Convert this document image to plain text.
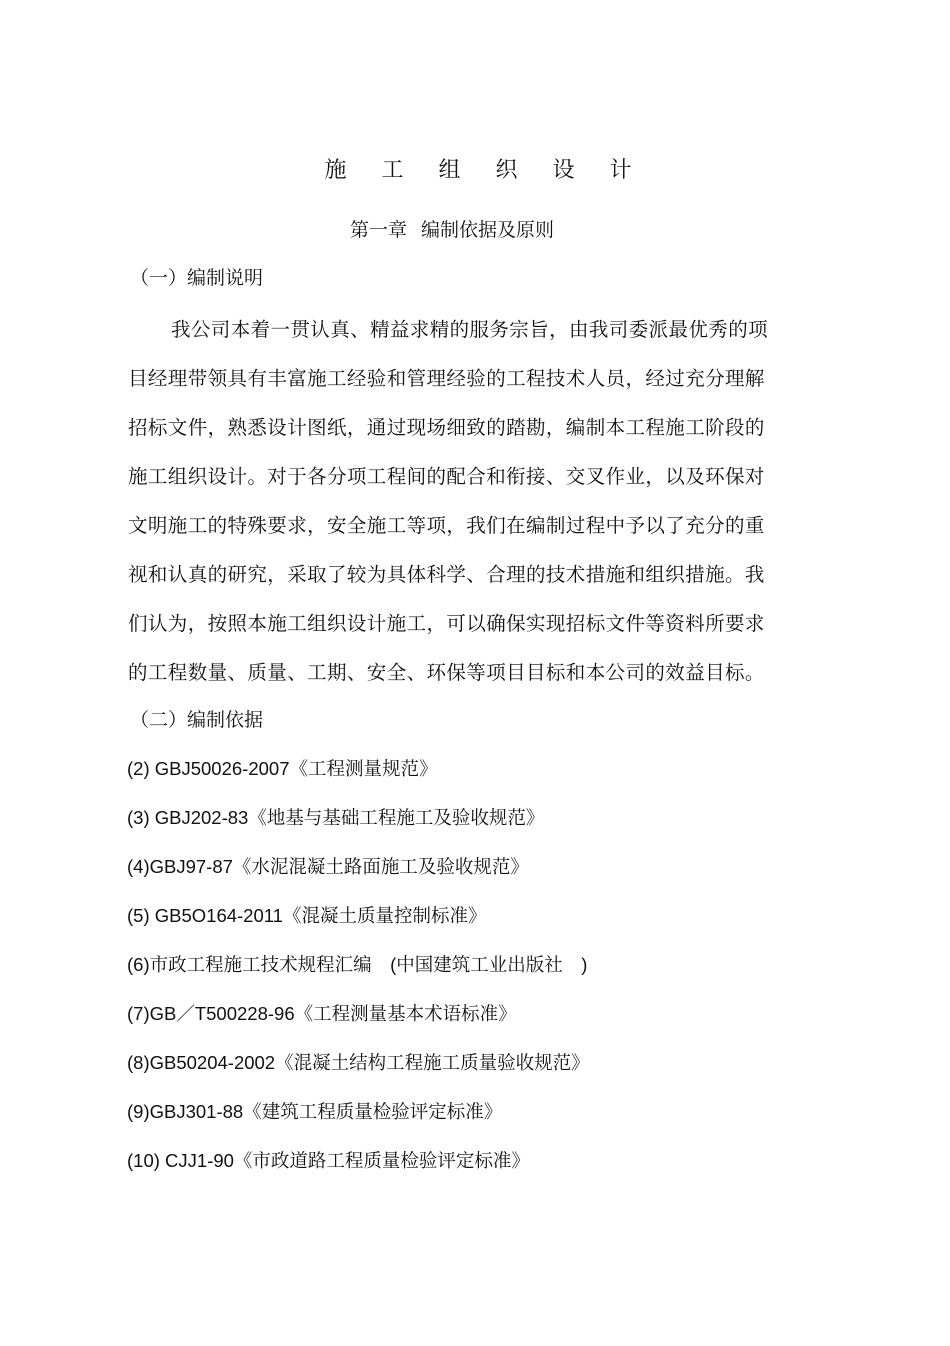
施 工 组 织 设 计
第一章 编制依据及原则
（一）编制说明
我公司本着一贯认真、精益求精的服务宗旨，由我司委派最优秀的项
目经理带领具有丰富施工经验和管理经验的工程技术人员，经过充分理解
招标文件，熟悉设计图纸，通过现场细致的踏勘，编制本工程施工阶段的
施工组织设计。对于各分项工程间的配合和衔接、交叉作业，以及环保对
文明施工的特殊要求，安全施工等项，我们在编制过程中予以了充分的重
视和认真的研究，采取了较为具体科学、合理的技术措施和组织措施。我
们认为，按照本施工组织设计施工，可以确保实现招标文件等资料所要求
的工程数量、质量、工期、安全、环保等项目目标和本公司的效益目标。
（二）编制依据
(2) GBJ50026-2007《工程测量规范》
(3) GBJ202-83《地基与基础工程施工及验收规范》
(4)GBJ97-87《水泥混凝土路面施工及验收规范》
(5) GB5O164-2011《混凝土质量控制标准》
(6)市政工程施工技术规程汇编　(中国建筑工业出版社　)
(7)GB／T500228-96《工程测量基本术语标准》
(8)GB50204-2002《混凝土结构工程施工质量验收规范》
(9)GBJ301-88《建筑工程质量检验评定标准》
(10) CJJ1-90《市政道路工程质量检验评定标准》
